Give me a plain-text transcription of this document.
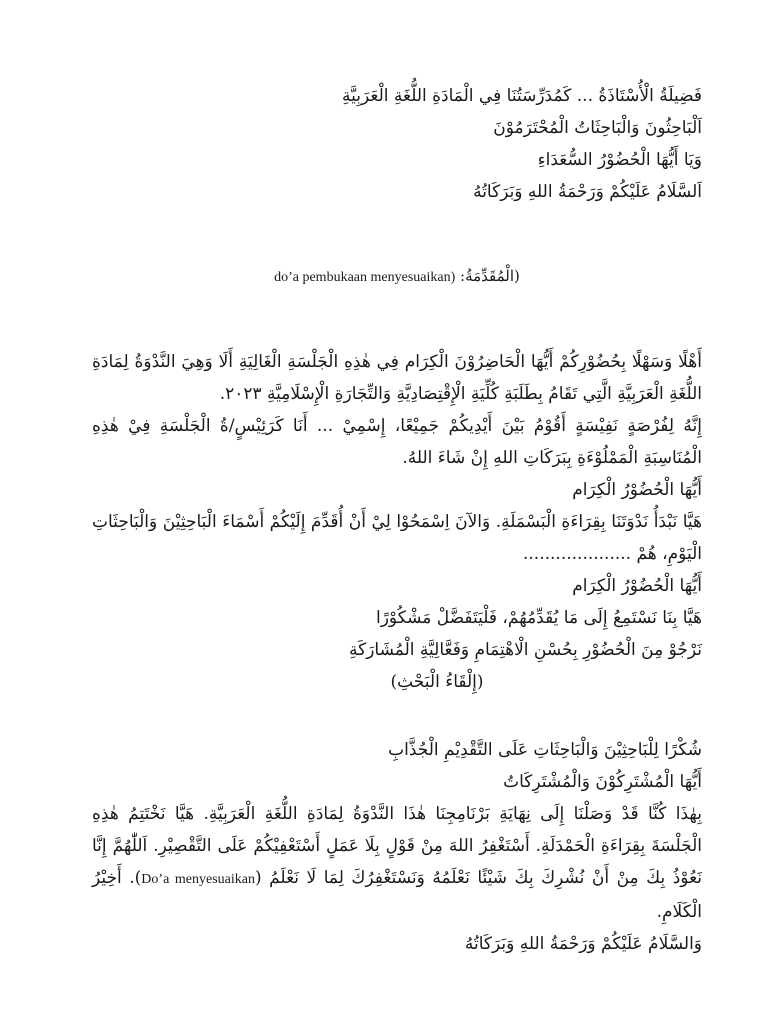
فَضِيلَةُ الْأُسْتَاذَةُ ... كَمُدَرِّسَتُنَا فِي الْمَادَةِ اللُّغَةِ الْعَرَبِيَّةِ
اَلْبَاحِثُونَ وَالْبَاحِثَاتُ الْمُحْتَرَمُوْنَ
وَيَا أَيُّهَا الْحُضُوْرُ السُّعَدَاءِ
اَلسَّلَامُ عَلَيْكُمْ وَرَحْمَةُ اللهِ وَبَرَكَاتُهُ
do’a pembukaan menyesuaikan) (الْمُقَدِّمَةُ:
أَهْلًا وَسَهْلًا بِحُضُوْرِكُمْ أَيُّهَا الْحَاضِرُوْنَ الْكِرَام فِي هٰذِهِ الْجَلْسَةِ الْغَالِيَةِ أَلَا وَهِيَ النَّدْوَةُ لِمَادَةِ اللُّغَةِ الْعَرَبِيَّةِ الَّتِي تَقَامُ بِطَلَبَةِ كُلِّيَةِ الْإِقْتِصَادِيَّةِ وَالتِّجَارَةِ الْإِسْلَامِيَّةِ ٢٠٢٣.
إِنَّهُ لِفُرْصَةٍ نَفِيْسَةٍ أَقُوْمُ بَيْنَ أَيْدِيكُمْ جَمِيْعًا، إِسْمِيْ ... أَنَا كَرَئِيْسٍ/ةُ الْجَلْسَةِ فِيْ هٰذِهِ الْمُنَاسِبَةِ الْمَمْلُوْءَةِ بِبَرَكَاتِ اللهِ إِنْ شَاءَ اللهُ.
أَيُّهَا الْحُضُوْرُ الْكِرَام
هَيَّا نَبْدَأُ نَدْوَتَنَا بِقِرَاءَةِ الْبَسْمَلَةِ. وَالآنَ اِسْمَحُوْا لِيْ أَنْ أُقَدِّمَ إِلَيْكُمْ أَسْمَاءَ الْبَاحِثِيْنَ وَالْبَاحِثَاتِ الْيَوْمِ، هُمْ ....................
أَيُّهَا الْحُضُوْرُ الْكِرَام
هَيَّا بِنَا نَسْتَمِعُ إِلَى مَا يُقَدِّمُهُمْ، فَلْيَتَفَضَّلْ مَشْكُوْرًا
نَرْجُوْ مِنَ الْحُضُوْرِ بِحُسْنِ الْاهْتِمَامِ وَفَعَّالِيَّةِ الْمُشَارَكَةِ
(إِلْقَاءُ الْبَحْثِ)
شُكْرًا لِلْبَاحِثِيْنَ وَالْبَاحِثَاتِ عَلَى التَّقْدِيْمِ الْجُذَّابِ
أَيُّهَا الْمُشْتَرِكُوْنَ وَالْمُشْتَرِكَاتُ
بِهٰذَا كُنَّا قَدْ وَصَلْنَا إِلَى نِهَايَةِ بَرْنَامِجِنَا هٰذَا النَّدْوَةُ لِمَادَةِ اللُّغَةِ الْعَرَبِيَّةِ. هَيَّا نَخْتَتِمُ هٰذِهِ الْجَلْسَةَ بِقِرَاءَةِ الْحَمْدَلَةِ. أَسْتَغْفِرُ اللهَ مِنْ قَوْلٍ بِلَا عَمَلٍ أَسْتَعْفِيْكُمْ عَلَى التَّقْصِيْرِ. اَللّٰهُمَّ إِنَّا نَعُوْذُ بِكَ مِنْ أَنْ نُشْرِكَ بِكَ شَيْئًا نَعْلَمُهُ وَنَسْتَغْفِرُكَ لِمَا لَا نَعْلَمُ (Do’a menyesuaikan). أَخِيْرُ الْكَلَامِ.
وَالسَّلَامُ عَلَيْكُمْ وَرَحْمَةُ اللهِ وَبَرَكَاتُهُ
